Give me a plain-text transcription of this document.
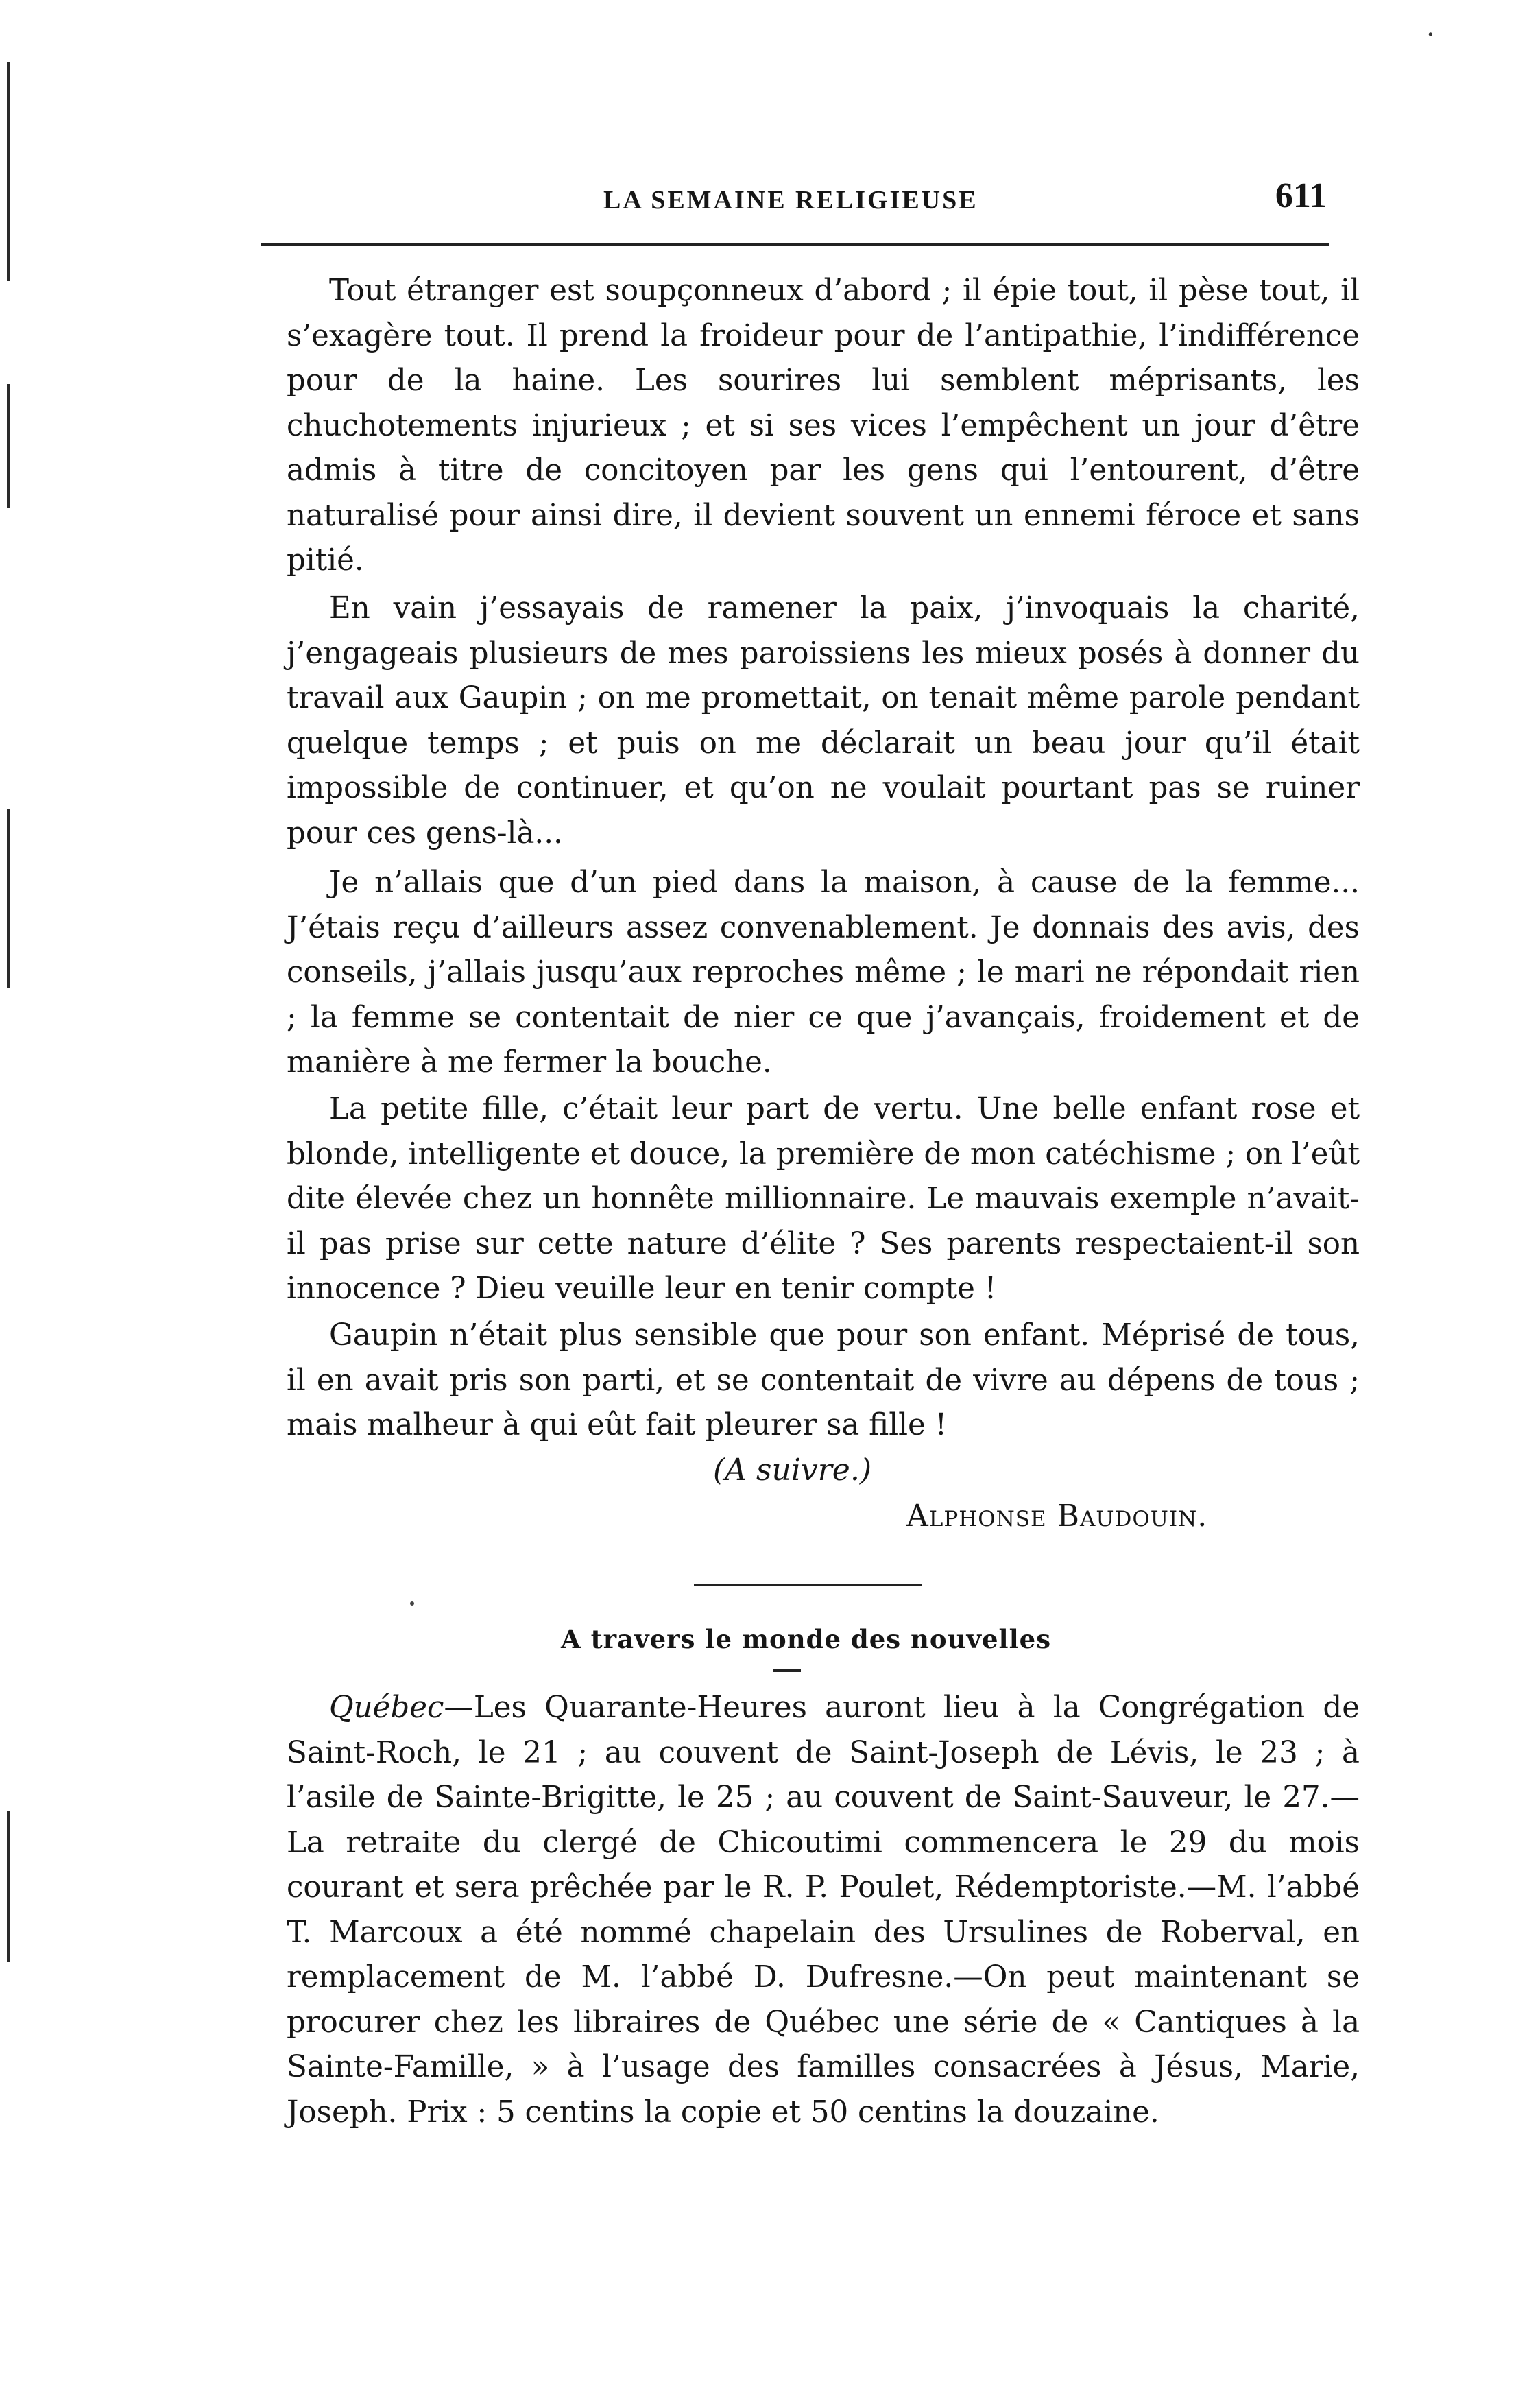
·
LA SEMAINE RELIGIEUSE	611

Tout étranger est soupçonneux d’abord ; il épie tout, il pèse tout, il s’exagère tout. Il prend la froideur pour de l’antipathie, l’indifférence pour de la haine. Les sourires lui semblent méprisants, les chuchotements injurieux ; et si ses vices l’empêchent un jour d’être admis à titre de concitoyen par les gens qui l’entourent, d’être naturalisé pour ainsi dire, il devient souvent un ennemi féroce et sans pitié.

En vain j’essayais de ramener la paix, j’invoquais la charité, j’engageais plusieurs de mes paroissiens les mieux posés à donner du travail aux Gaupin ; on me promettait, on tenait même parole pendant quelque temps ; et puis on me déclarait un beau jour qu’il était impossible de continuer, et qu’on ne voulait pourtant pas se ruiner pour ces gens-là...

Je n’allais que d’un pied dans la maison, à cause de la femme... J’étais reçu d’ailleurs assez convenablement. Je donnais des avis, des conseils, j’allais jusqu’aux reproches même ; le mari ne répondait rien ; la femme se contentait de nier ce que j’avançais, froidement et de manière à me fermer la bouche.

La petite fille, c’était leur part de vertu. Une belle enfant rose et blonde, intelligente et douce, la première de mon catéchisme ; on l’eût dite élevée chez un honnête millionnaire. Le mauvais exemple n’avait-il pas prise sur cette nature d’élite ? Ses parents respectaient-il son innocence ? Dieu veuille leur en tenir compte !

Gaupin n’était plus sensible que pour son enfant. Méprisé de tous, il en avait pris son parti, et se contentait de vivre au dépens de tous ; mais malheur à qui eût fait pleurer sa fille !

(A suivre.)
Alphonse Baudouin.
A travers le monde des nouvelles

Québec—Les Quarante-Heures auront lieu à la Congrégation de Saint-Roch, le 21 ; au couvent de Saint-Joseph de Lévis, le 23 ; à l’asile de Sainte-Brigitte, le 25 ; au couvent de Saint-Sauveur, le 27.—La retraite du clergé de Chicoutimi commencera le 29 du mois courant et sera prêchée par le R. P. Poulet, Rédemptoriste.—M. l’abbé T. Marcoux a été nommé chapelain des Ursulines de Roberval, en remplacement de M. l’abbé D. Dufresne.—On peut maintenant se procurer chez les libraires de Québec une série de « Cantiques à la Sainte-Famille, » à l’usage des familles consacrées à Jésus, Marie, Joseph. Prix : 5 centins la copie et 50 centins la douzaine.
